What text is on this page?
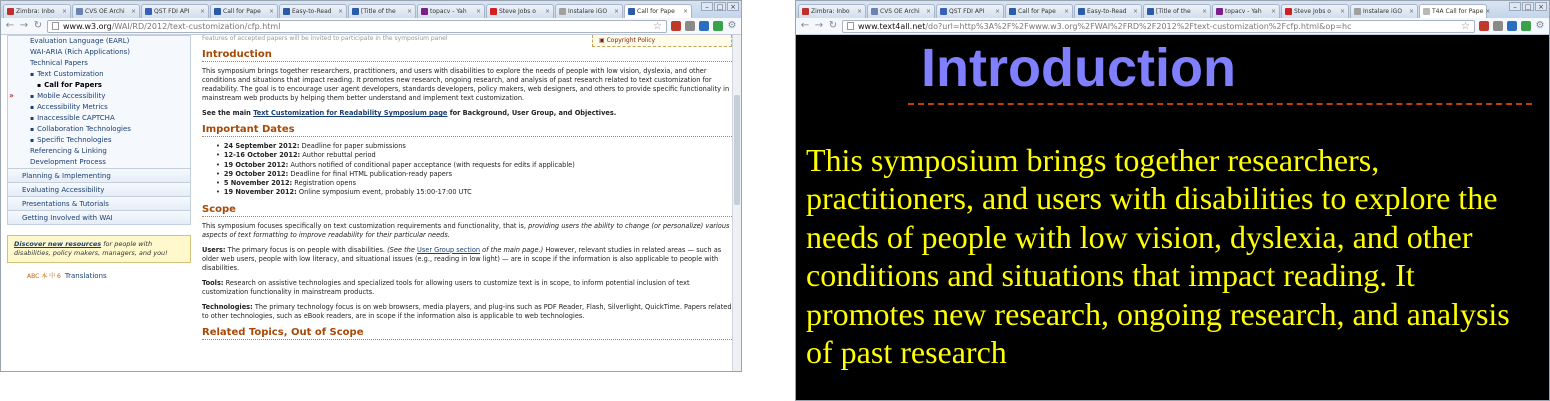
Zimbra: Inbo	×	CVS OE Archi	×	QST FDI API	×	Call for Pape	×	Easy-to-Read	×	[Title of the	×	topacv - Yah	×	Steve Jobs o	×	Instalare iGO	×	Call for Pape	×
–	□ ×
← → ↻	www.w3.org/WAI/RD/2012/text-customization/cfp.html	☆	⚙
»
Evaluation Language (EARL)
WAI-ARIA (Rich Applications)
Technical Papers
▪ Text Customization
▪ Call for Papers
▪ Mobile Accessibility
▪ Accessibility Metrics
▪ Inaccessible CAPTCHA
▪ Collaboration Technologies
▪ Specific Technologies
Referencing & Linking
Development Process
Planning & Implementing
Evaluating Accessibility
Presentations & Tutorials
Getting Involved with WAI
Discover new resources for people with disabilities, policy makers, managers, and you!
ABC 本 中 6 Translations
Features of accepted papers will be invited to participate in the symposium panel	▣ Copyright Policy
Introduction

This symposium brings together researchers, practitioners, and users with disabilities to explore the needs of people with low vision, dyslexia, and other conditions and situations that impact reading. It promotes new research, ongoing research, and analysis of past research related to text customization for readability. The goal is to encourage user agent developers, standards developers, policy makers, web designers, and others to provide specific functionality in mainstream web products by helping them better understand and implement text customization.

See the main Text Customization for Readability Symposium page for Background, User Group, and Objectives.

Important Dates
• 24 September 2012: Deadline for paper submissions
• 12-16 October 2012: Author rebuttal period
• 19 October 2012: Authors notified of conditional paper acceptance (with requests for edits if applicable)
• 29 October 2012: Deadline for final HTML publication-ready papers
• 5 November 2012: Registration opens
• 19 November 2012: Online symposium event, probably 15:00-17:00 UTC
Scope

This symposium focuses specifically on text customization requirements and functionality, that is, providing users the ability to change (or personalize) various aspects of text formatting to improve readability for their particular needs.

Users: The primary focus is on people with disabilities. (See the User Group section of the main page.) However, relevant studies in related areas — such as older web users, people with low literacy, and situational issues (e.g., reading in low light) — are in scope if the information is also applicable to people with disabilities.

Tools: Research on assistive technologies and specialized tools for allowing users to customize text is in scope, to inform potential inclusion of text customization functionality in mainstream products.

Technologies: The primary technology focus is on web browsers, media players, and plug-ins such as PDF Reader, Flash, Silverlight, QuickTime. Papers related to other technologies, such as eBook readers, are in scope if the information also is applicable to web technologies.

Related Topics, Out of Scope
Zimbra: Inbo	×	CVS OE Archi	×	QST FDI API	×	Call for Pape	×	Easy-to-Read	×	[Title of the	×	topacv - Yah	×	Steve Jobs o	×	Instalare iGO	×	T4A Call for Pape ×
–	□ ×
← → ↻	www.text4all.net/do?url=http%3A%2F%2Fwww.w3.org%2FWAI%2FRD%2F2012%2Ftext-customization%2Fcfp.html&op=hc	☆	⚙
Introduction
This symposium brings together researchers, practitioners, and users with disabilities to explore the needs of people with low vision, dyslexia, and other conditions and situations that impact reading. It promotes new research, ongoing research, and analysis of past research
